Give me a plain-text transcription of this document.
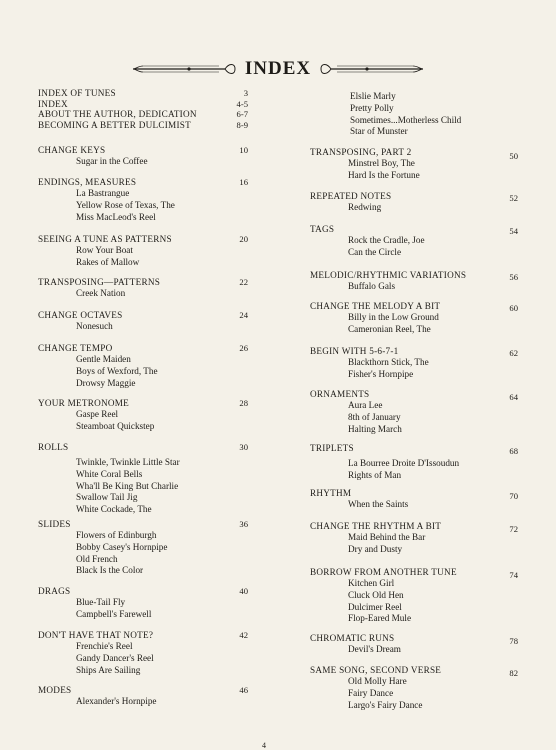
INDEX
INDEX OF TUNES	3
INDEX	4-5
ABOUT THE AUTHOR, DEDICATION	6-7
BECOMING A BETTER DULCIMIST	8-9
CHANGE KEYS	10
Sugar in the Coffee
ENDINGS, MEASURES	16
La Bastrangue
Yellow Rose of Texas, The
Miss MacLeod's Reel
SEEING A TUNE AS PATTERNS	20
Row Your Boat
Rakes of Mallow
TRANSPOSING—PATTERNS	22
Creek Nation
CHANGE OCTAVES	24
Nonesuch
CHANGE TEMPO	26
Gentle Maiden
Boys of Wexford, The
Drowsy Maggie
YOUR METRONOME	28
Gaspe Reel
Steamboat Quickstep
ROLLS	30
Twinkle, Twinkle Little Star
White Coral Bells
Wha'll Be King But Charlie
Swallow Tail Jig
White Cockade, The
SLIDES	36
Flowers of Edinburgh
Bobby Casey's Hornpipe
Old French
Black Is the Color
DRAGS	40
Blue-Tail Fly
Campbell's Farewell
DON'T HAVE THAT NOTE?	42
Frenchie's Reel
Gandy Dancer's Reel
Ships Are Sailing
MODES	46
Alexander's Hornpipe
Elslie Marly
Pretty Polly
Sometimes...Motherless Child
Star of Munster
TRANSPOSING, PART 2	50
Minstrel Boy, The
Hard Is the Fortune
REPEATED NOTES	52
Redwing
TAGS	54
Rock the Cradle, Joe
Can the Circle
MELODIC/RHYTHMIC VARIATIONS	56
Buffalo Gals
CHANGE THE MELODY A BIT	60
Billy in the Low Ground
Cameronian Reel, The
BEGIN WITH 5-6-7-1	62
Blackthorn Stick, The
Fisher's Hornpipe
ORNAMENTS	64
Aura Lee
8th of January
Halting March
TRIPLETS	68
La Bourree Droite D'Issoudun
Rights of Man
RHYTHM	70
When the Saints
CHANGE THE RHYTHM A BIT	72
Maid Behind the Bar
Dry and Dusty
BORROW FROM ANOTHER TUNE	74
Kitchen Girl
Cluck Old Hen
Dulcimer Reel
Flop-Eared Mule
CHROMATIC RUNS	78
Devil's Dream
SAME SONG, SECOND VERSE	82
Old Molly Hare
Fairy Dance
Largo's Fairy Dance
4
